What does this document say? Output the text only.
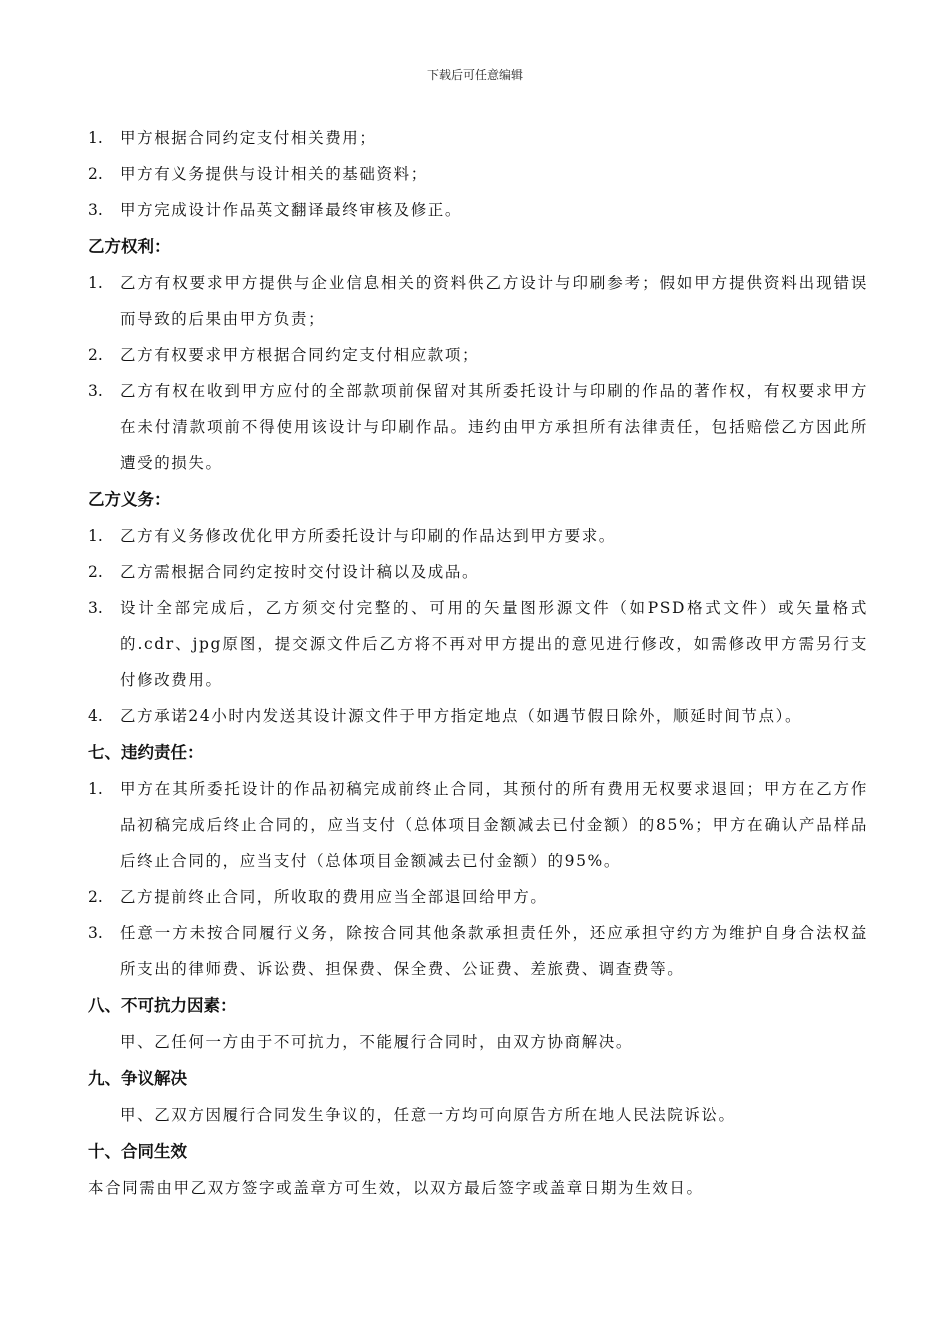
下载后可任意编辑
1.	甲方根据合同约定支付相关费用；
2.	甲方有义务提供与设计相关的基础资料；
3.	甲方完成设计作品英文翻译最终审核及修正。
乙方权利：
1.	乙方有权要求甲方提供与企业信息相关的资料供乙方设计与印刷参考；假如甲方提供资料出现错误而导致的后果由甲方负责；
2.	乙方有权要求甲方根据合同约定支付相应款项；
3.	乙方有权在收到甲方应付的全部款项前保留对其所委托设计与印刷的作品的著作权，有权要求甲方在未付清款项前不得使用该设计与印刷作品。违约由甲方承担所有法律责任，包括赔偿乙方因此所遭受的损失。
乙方义务：
1.	乙方有义务修改优化甲方所委托设计与印刷的作品达到甲方要求。
2.	乙方需根据合同约定按时交付设计稿以及成品。
3.	设计全部完成后，乙方须交付完整的、可用的矢量图形源文件（如PSD格式文件）或矢量格式的.cdr、jpg原图，提交源文件后乙方将不再对甲方提出的意见进行修改，如需修改甲方需另行支付修改费用。
4.	乙方承诺24小时内发送其设计源文件于甲方指定地点（如遇节假日除外，顺延时间节点）。
七、违约责任：
1.	甲方在其所委托设计的作品初稿完成前终止合同，其预付的所有费用无权要求退回；甲方在乙方作品初稿完成后终止合同的，应当支付（总体项目金额减去已付金额）的85%；甲方在确认产品样品后终止合同的，应当支付（总体项目金额减去已付金额）的95%。
2.	乙方提前终止合同，所收取的费用应当全部退回给甲方。
3.	任意一方未按合同履行义务，除按合同其他条款承担责任外，还应承担守约方为维护自身合法权益所支出的律师费、诉讼费、担保费、保全费、公证费、差旅费、调查费等。
八、不可抗力因素：
甲、乙任何一方由于不可抗力，不能履行合同时，由双方协商解决。
九、争议解决
甲、乙双方因履行合同发生争议的，任意一方均可向原告方所在地人民法院诉讼。
十、合同生效
本合同需由甲乙双方签字或盖章方可生效，以双方最后签字或盖章日期为生效日。
